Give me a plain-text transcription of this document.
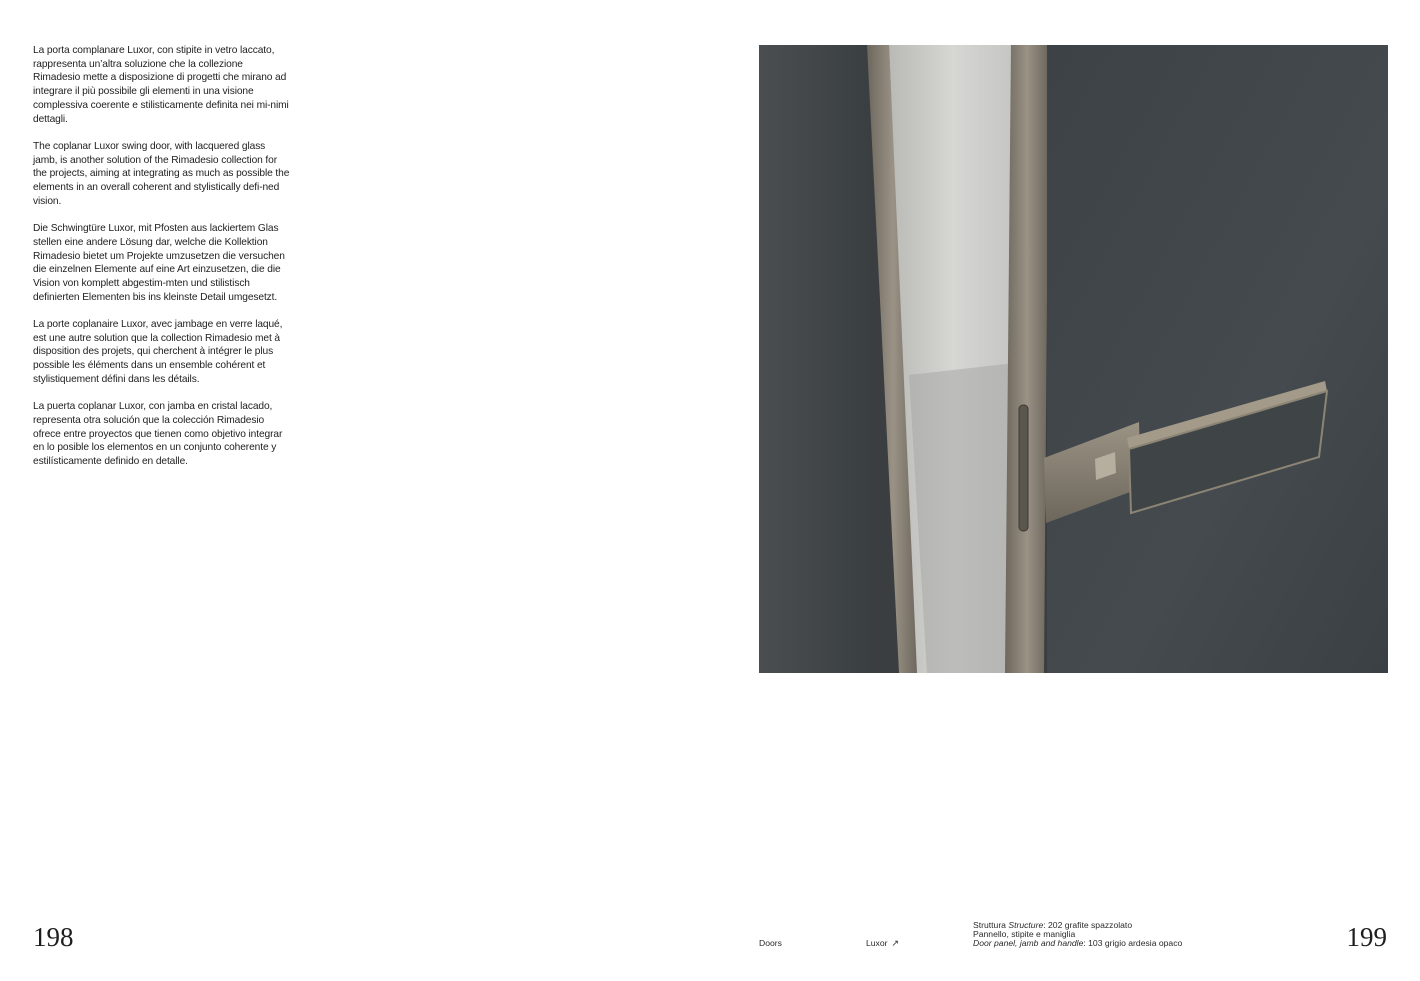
La porta complanare Luxor, con stipite in vetro laccato, rappresenta un’altra soluzione che la collezione Rimadesio mette a disposizione di progetti che mirano ad integrare il più possibile gli elementi in una visione complessiva coerente e stilisticamente definita nei mi-nimi dettagli.

The coplanar Luxor swing door, with lacquered glass jamb, is another solution of the Rimadesio collection for the projects, aiming at integrating as much as possible the elements in an overall coherent and stylistically defi-ned vision.

Die Schwingtüre Luxor, mit Pfosten aus lackiertem Glas stellen eine andere Lösung dar, welche die Kollektion Rimadesio bietet um Projekte umzusetzen die versuchen die einzelnen Elemente auf eine Art einzusetzen, die die Vision von komplett abgestim-mten und stilistisch definierten Elementen bis ins kleinste Detail umgesetzt.

La porte coplanaire Luxor, avec jambage en verre laqué, est une autre solution que la collection Rimadesio met à disposition des projets, qui cherchent à intégrer le plus possible les éléments dans un ensemble cohérent et stylistiquement défini dans les détails.

La puerta coplanar Luxor, con jamba en cristal lacado, representa otra solución que la colección Rimadesio ofrece entre proyectos que tienen como objetivo integrar en lo posible los elementos en un conjunto coherente y estilísticamente definido en detalle.

198	Doors	Luxor ↗
Struttura Structure: 202 grafite spazzolato
Pannello, stipite e maniglia
Door panel, jamb and handle: 103 grigio ardesia opaco	199
